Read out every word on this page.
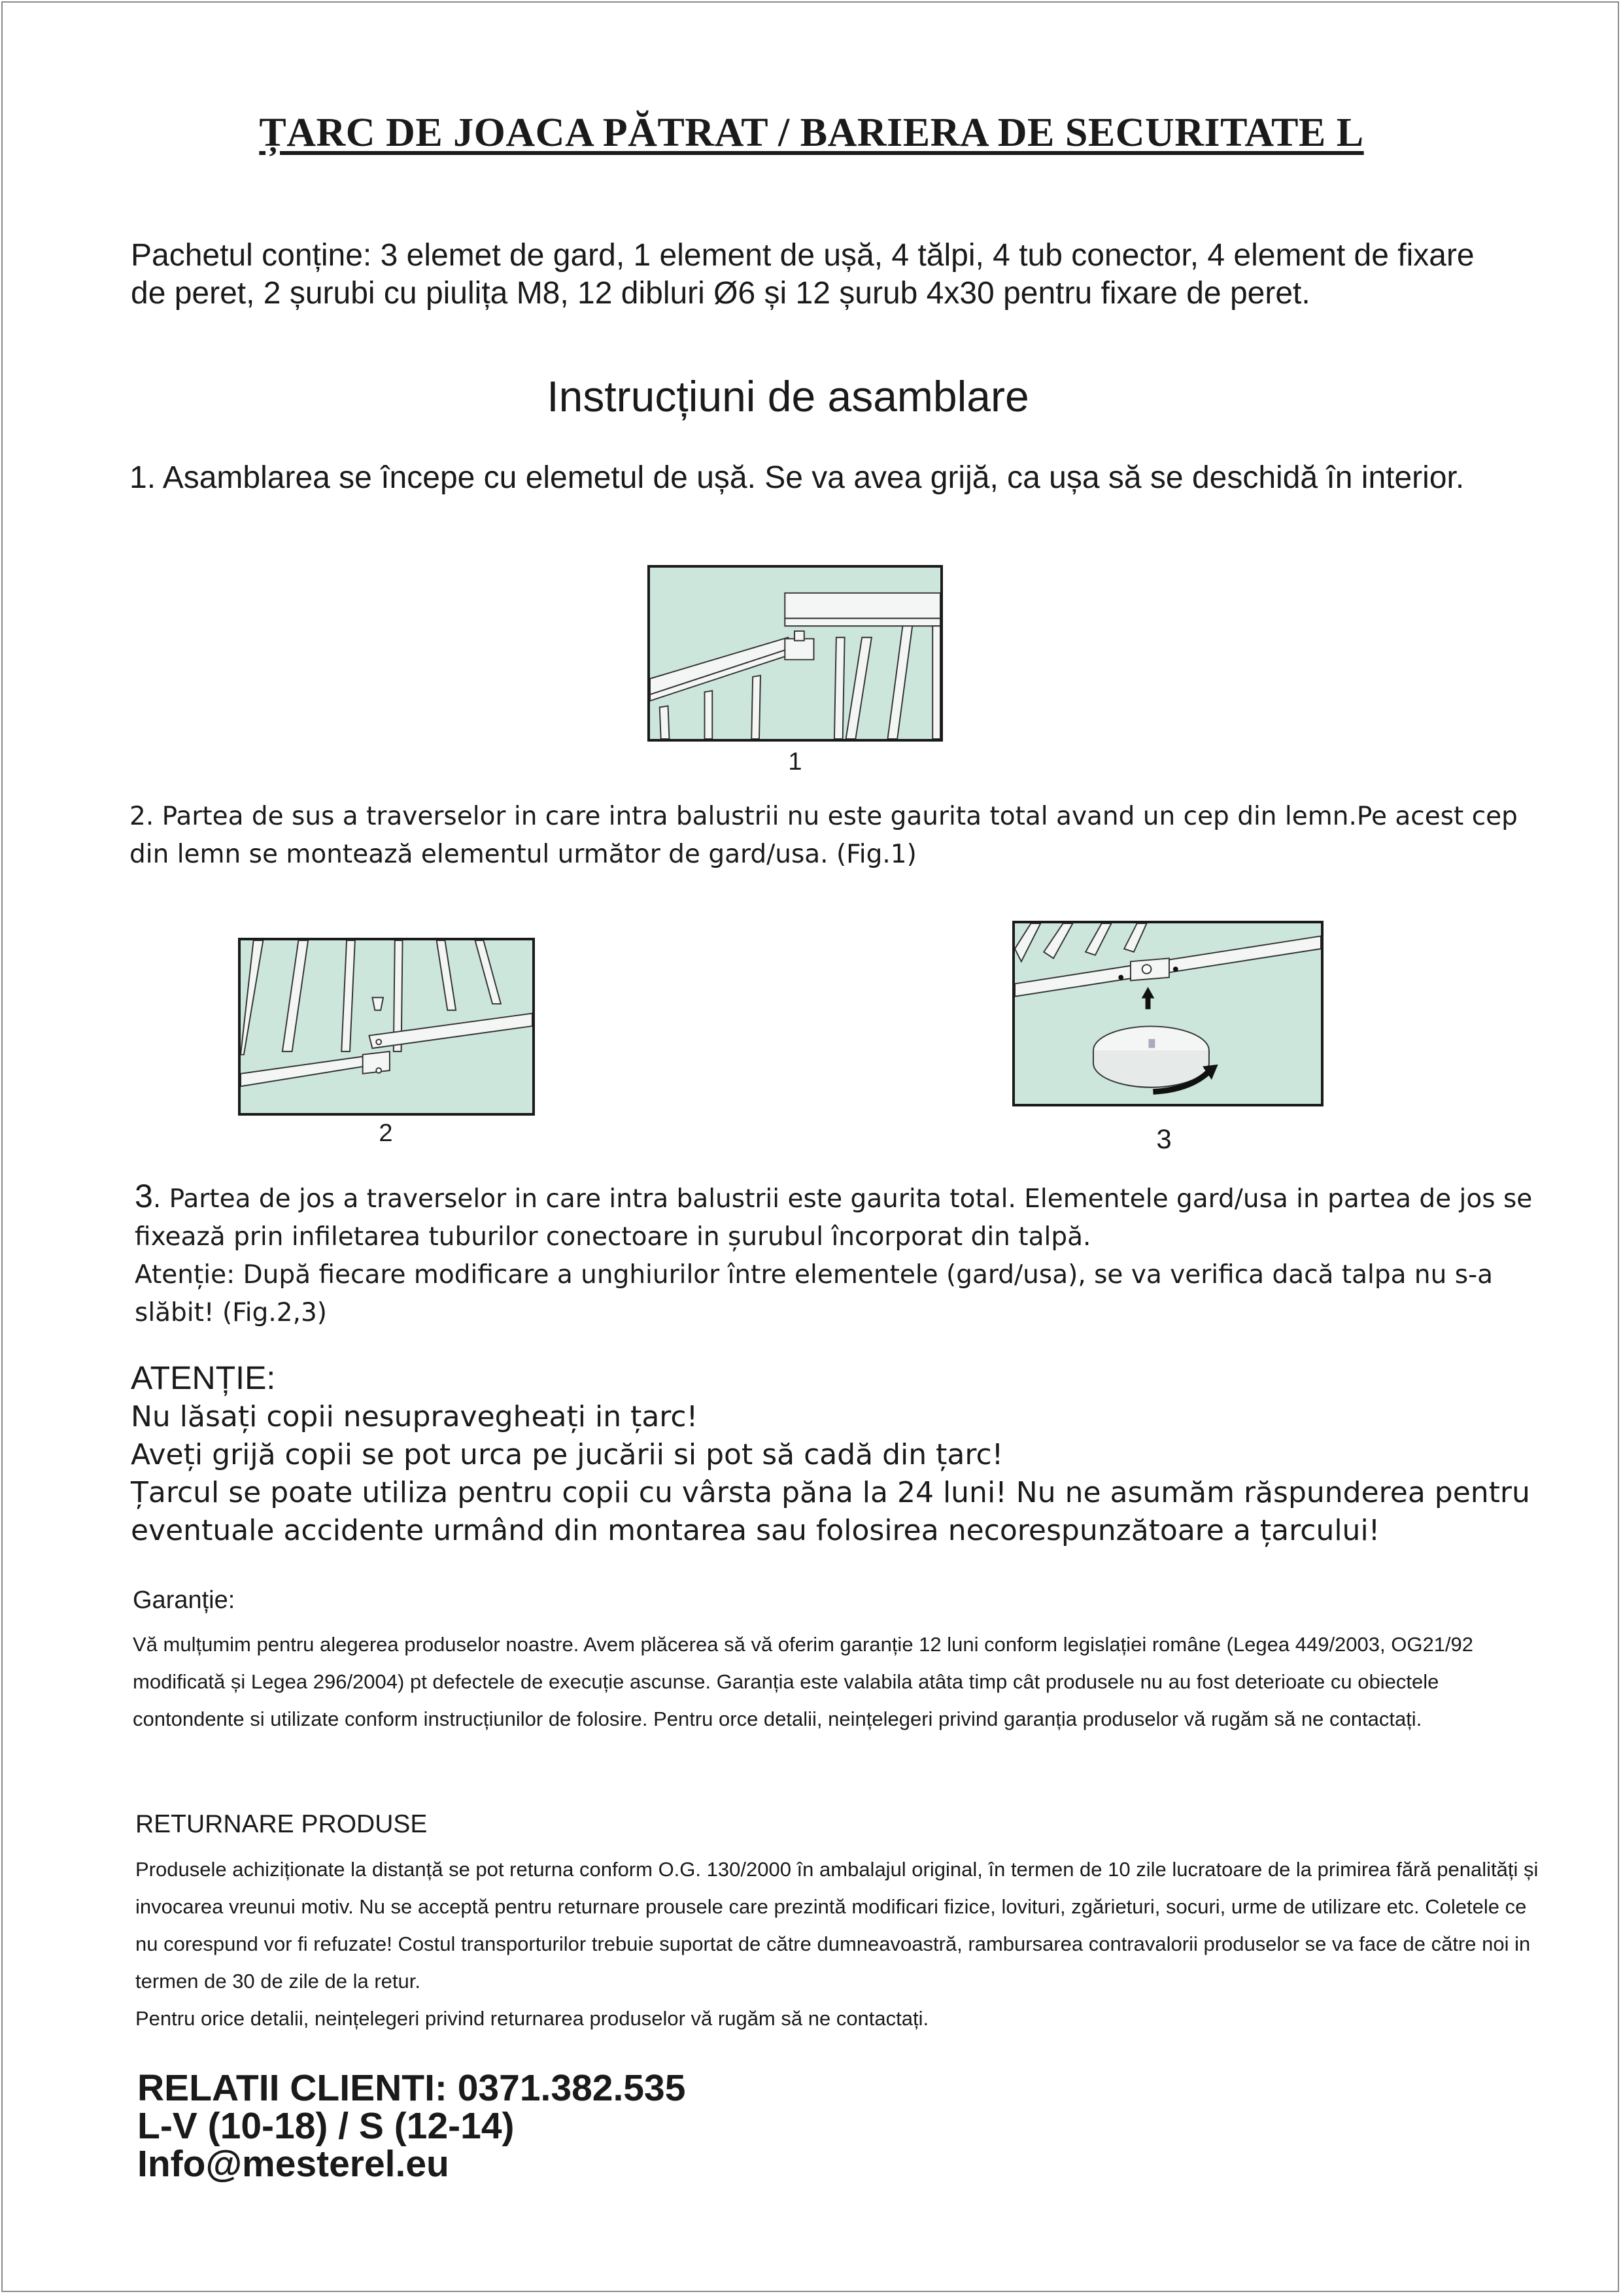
ȚARC DE JOACA PĂTRAT / BARIERA DE SECURITATE L
Pachetul conține: 3 elemet de gard, 1 element de ușă, 4 tălpi, 4 tub conector, 4 element de fixare de peret, 2 șurubi cu piulița M8, 12 dibluri Ø6 și 12 șurub 4x30 pentru fixare de peret.
Instrucțiuni de asamblare
1. Asamblarea se începe cu elemetul de ușă. Se va avea grijă, ca ușa să se deschidă în interior.
1
2. Partea de sus a traverselor in care intra balustrii nu este gaurita total avand un cep din lemn.Pe acest cep din lemn se montează elementul următor de gard/usa. (Fig.1)
2	3
3. Partea de jos a traverselor in care intra balustrii este gaurita total. Elementele gard/usa in partea de jos se fixează prin infiletarea tuburilor conectoare in șurubul încorporat din talpă.
Atenție: După fiecare modificare a unghiurilor între elementele (gard/usa), se va verifica dacă talpa nu s-a slăbit! (Fig.2,3)
ATENȚIE:
Nu lăsați copii nesupravegheați in țarc!
Aveți grijă copii se pot urca pe jucării si pot să cadă din țarc!
Țarcul se poate utiliza pentru copii cu vârsta păna la 24 luni! Nu ne asumăm răspunderea pentru eventuale accidente urmând din montarea sau folosirea necorespunzătoare a țarcului!
Garanție:
Vă mulțumim pentru alegerea produselor noastre. Avem plăcerea să vă oferim garanție 12 luni conform legislației române (Legea 449/2003, OG21/92 modificată și Legea 296/2004) pt defectele de execuție ascunse. Garanția este valabila atâta timp cât produsele nu au fost deterioate cu obiectele contondente si utilizate conform instrucțiunilor de folosire. Pentru orce detalii, neințelegeri privind garanția produselor vă rugăm să ne contactați.
RETURNARE PRODUSE
Produsele achiziționate la distanță se pot returna conform O.G. 130/2000 în ambalajul original, în termen de 10 zile lucratoare de la primirea fără penalități și invocarea vreunui motiv. Nu se acceptă pentru returnare prousele care prezintă modificari fizice, lovituri, zgărieturi, socuri, urme de utilizare etc. Coletele ce nu corespund vor fi refuzate! Costul transporturilor trebuie suportat de către dumneavoastră, rambursarea contravalorii produselor se va face de către noi in termen de 30 de zile de la retur.
Pentru orice detalii, neințelegeri privind returnarea produselor vă rugăm să ne contactați.
RELATII CLIENTI: 0371.382.535
L-V (10-18) / S (12-14)
Info@mesterel.eu
